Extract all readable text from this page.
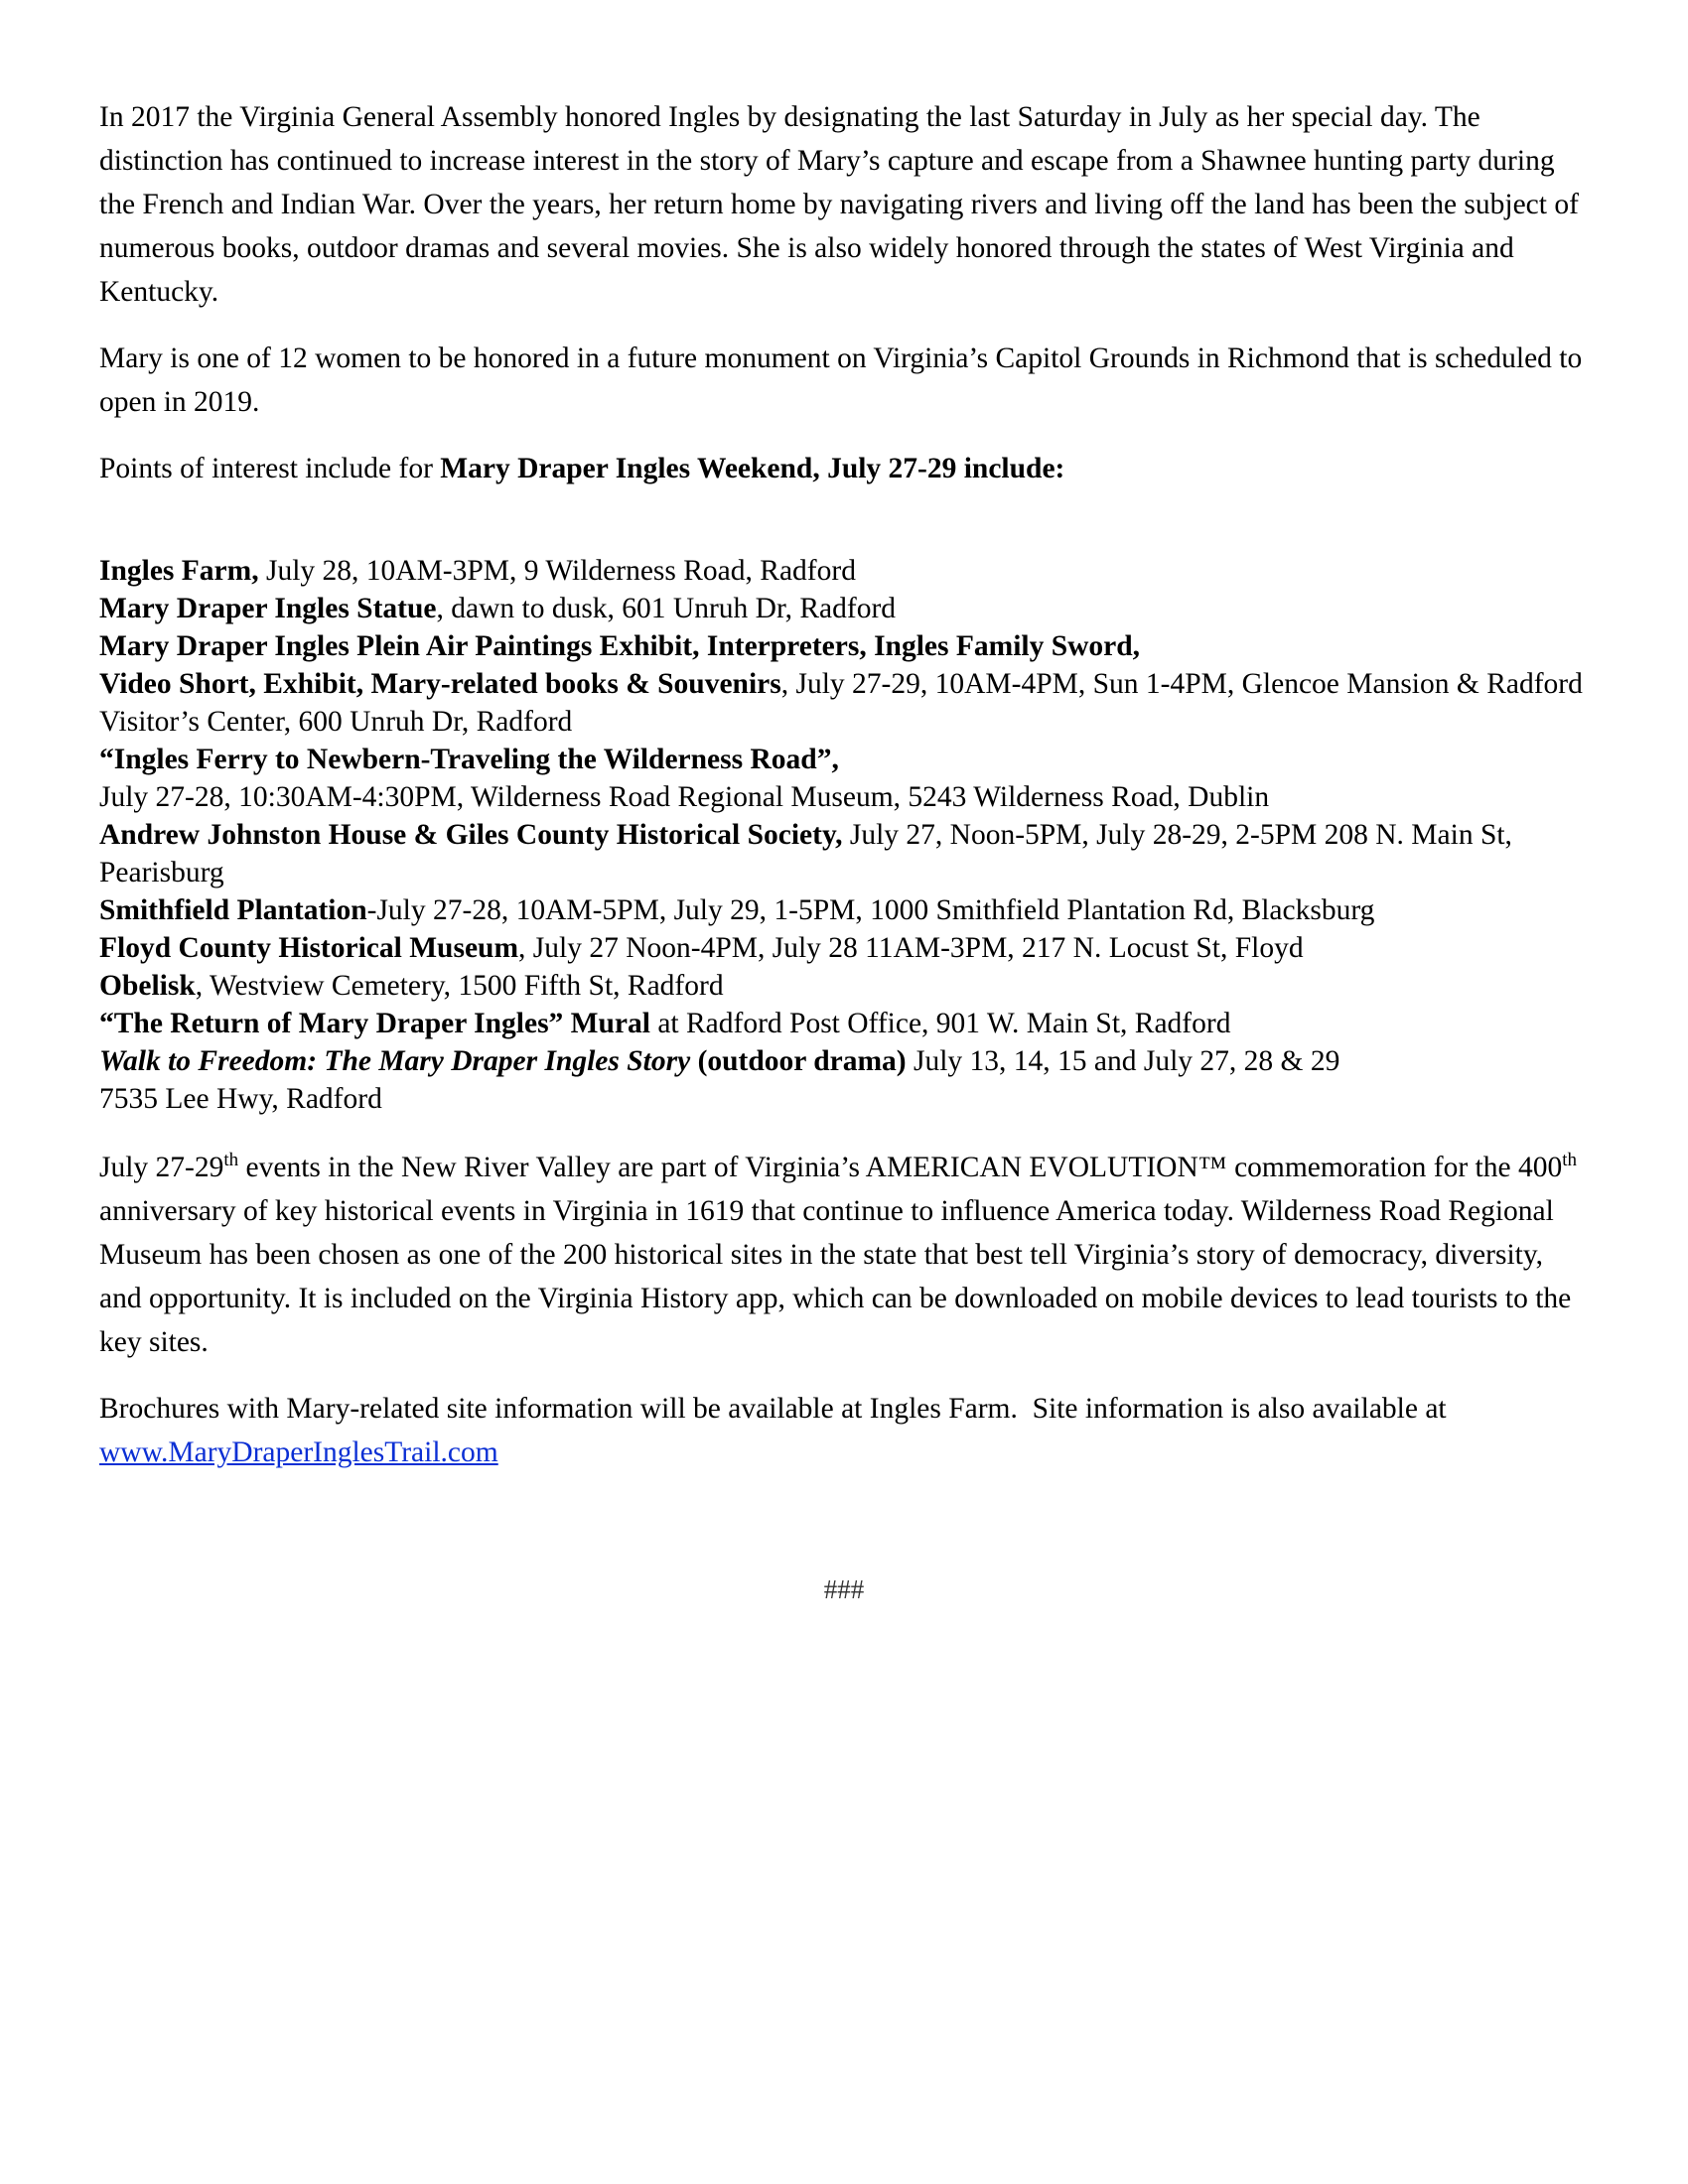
In 2017 the Virginia General Assembly honored Ingles by designating the last Saturday in July as her special day. The distinction has continued to increase interest in the story of Mary’s capture and escape from a Shawnee hunting party during the French and Indian War. Over the years, her return home by navigating rivers and living off the land has been the subject of numerous books, outdoor dramas and several movies. She is also widely honored through the states of West Virginia and Kentucky.

Mary is one of 12 women to be honored in a future monument on Virginia’s Capitol Grounds in Richmond that is scheduled to open in 2019.

Points of interest include for Mary Draper Ingles Weekend, July 27-29 include:

Ingles Farm, July 28, 10AM-3PM, 9 Wilderness Road, Radford

Mary Draper Ingles Statue, dawn to dusk, 601 Unruh Dr, Radford

Mary Draper Ingles Plein Air Paintings Exhibit, Interpreters, Ingles Family Sword,
Video Short, Exhibit, Mary-related books & Souvenirs, July 27-29, 10AM-4PM, Sun 1-4PM, Glencoe Mansion & Radford Visitor’s Center, 600 Unruh Dr, Radford

“Ingles Ferry to Newbern-Traveling the Wilderness Road”,
July 27-28, 10:30AM-4:30PM, Wilderness Road Regional Museum, 5243 Wilderness Road, Dublin

Andrew Johnston House & Giles County Historical Society, July 27, Noon-5PM, July 28-29, 2-5PM 208 N. Main St, Pearisburg

Smithfield Plantation-July 27-28, 10AM-5PM, July 29, 1-5PM, 1000 Smithfield Plantation Rd, Blacksburg

Floyd County Historical Museum, July 27 Noon-4PM, July 28 11AM-3PM, 217 N. Locust St, Floyd

Obelisk, Westview Cemetery, 1500 Fifth St, Radford

“The Return of Mary Draper Ingles” Mural at Radford Post Office, 901 W. Main St, Radford

Walk to Freedom: The Mary Draper Ingles Story (outdoor drama) July 13, 14, 15 and July 27, 28 & 29
7535 Lee Hwy, Radford

July 27-29th events in the New River Valley are part of Virginia’s AMERICAN EVOLUTION™ commemoration for the 400th anniversary of key historical events in Virginia in 1619 that continue to influence America today. Wilderness Road Regional Museum has been chosen as one of the 200 historical sites in the state that best tell Virginia’s story of democracy, diversity, and opportunity. It is included on the Virginia History app, which can be downloaded on mobile devices to lead tourists to the key sites.

Brochures with Mary-related site information will be available at Ingles Farm.  Site information is also available at www.MaryDraperInglesTrail.com

###
